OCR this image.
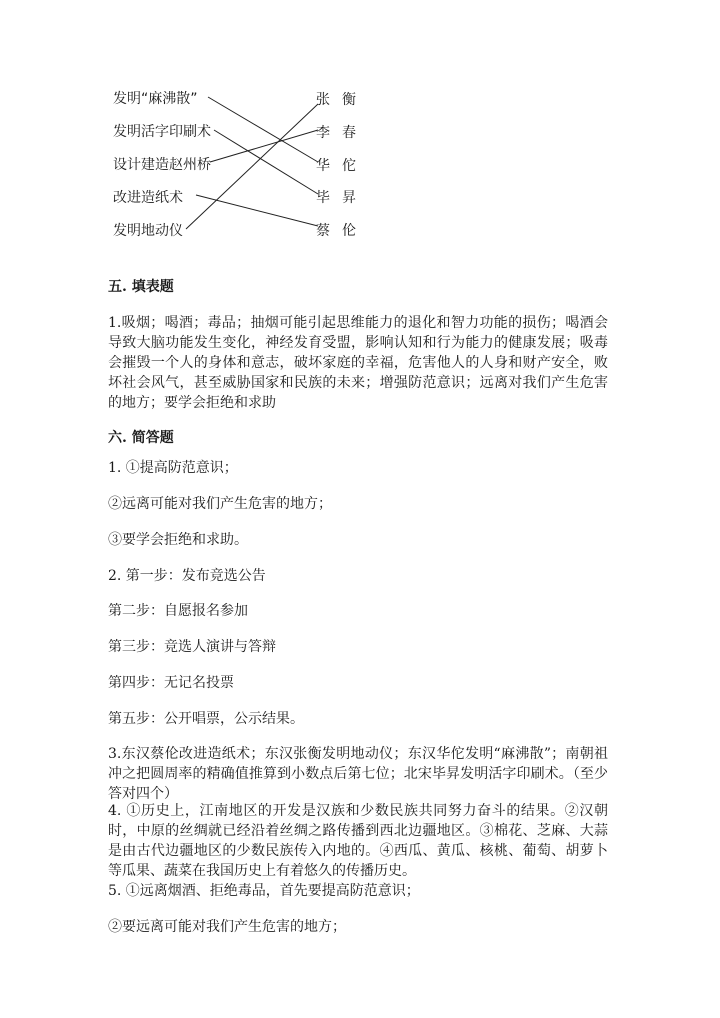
发明“麻沸散”
发明活字印刷术
设计建造赵州桥
改进造纸术
发明地动仪
张 衡
李 春
华 佗
毕 昇
蔡 伦
五. 填表题
1.吸烟；喝酒；毒品；抽烟可能引起思维能力的退化和智力功能的损伤；喝酒会导致大脑功能发生变化，神经发育受盟，影响认知和行为能力的健康发展；吸毒会摧毁一个人的身体和意志，破坏家庭的幸福，危害他人的人身和财产安全，败坏社会风气，甚至威胁国家和民族的未来；增强防范意识；远离对我们产生危害的地方；要学会拒绝和求助
六. 简答题
1. ①提高防范意识；
②远离可能对我们产生危害的地方；
③要学会拒绝和求助。
2. 第一步：发布竞选公告
第二步：自愿报名参加
第三步：竞选人演讲与答辩
第四步：无记名投票
第五步：公开唱票，公示结果。
3.东汉蔡伦改进造纸术；东汉张衡发明地动仪；东汉华佗发明“麻沸散”；南朝祖冲之把圆周率的精确值推算到小数点后第七位；北宋毕昇发明活字印刷术。（至少答对四个）
4. ①历史上，江南地区的开发是汉族和少数民族共同努力奋斗的结果。②汉朝时，中原的丝绸就已经沿着丝绸之路传播到西北边疆地区。③棉花、芝麻、大蒜是由古代边疆地区的少数民族传入内地的。④西瓜、黄瓜、核桃、葡萄、胡萝卜等瓜果、蔬菜在我国历史上有着悠久的传播历史。
5. ①远离烟酒、拒绝毒品，首先要提高防范意识；
②要远离可能对我们产生危害的地方；
